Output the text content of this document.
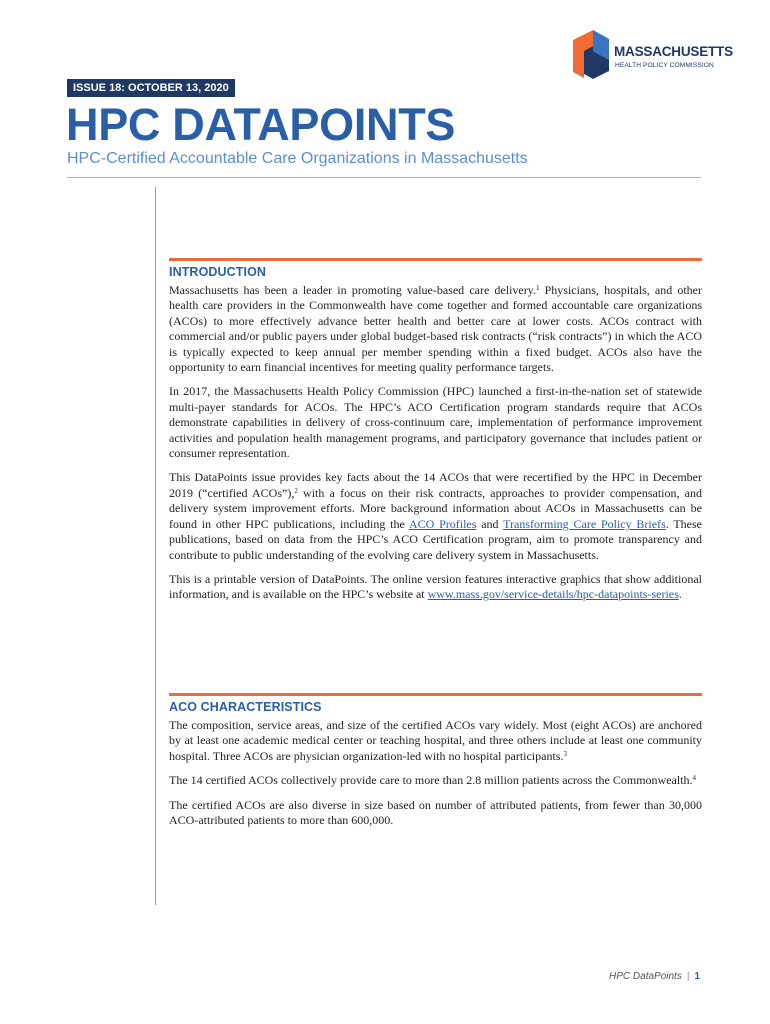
MASSACHUSETTS
HEALTH POLICY COMMISSION
ISSUE 18: OCTOBER 13, 2020
HPC DATAPOINTS
HPC-Certified Accountable Care Organizations in Massachusetts
INTRODUCTION

Massachusetts has been a leader in promoting value-based care delivery.$^1$ Physicians, hospitals, and other health care providers in the Commonwealth have come together and formed accountable care organizations (ACOs) to more effectively advance better health and better care at lower costs. ACOs contract with commercial and/or public payers under global budget-based risk contracts (“risk contracts”) in which the ACO is typically expected to keep annual per member spending within a fixed budget. ACOs also have the opportunity to earn financial incentives for meeting quality performance targets.

In 2017, the Massachusetts Health Policy Commission (HPC) launched a first-in-the-nation set of statewide multi-payer standards for ACOs. The HPC’s ACO Certification program standards require that ACOs demonstrate capabilities in delivery of cross-continuum care, implementation of performance improvement activities and population health management programs, and participatory governance that includes patient or consumer representation.

This DataPoints issue provides key facts about the 14 ACOs that were recertified by the HPC in December 2019 (“certified ACOs”),$^2$ with a focus on their risk contracts, approaches to provider compensation, and delivery system improvement efforts. More background information about ACOs in Massachusetts can be found in other HPC publications, including the ACO Profiles and Transforming Care Policy Briefs. These publications, based on data from the HPC’s ACO Certification program, aim to promote transparency and contribute to public understanding of the evolving care delivery system in Massachusetts.

This is a printable version of DataPoints. The online version features interactive graphics that show additional information, and is available on the HPC’s website at www.mass.gov/service-details/hpc-datapoints-series.

ACO CHARACTERISTICS

The composition, service areas, and size of the certified ACOs vary widely. Most (eight ACOs) are anchored by at least one academic medical center or teaching hospital, and three others include at least one community hospital. Three ACOs are physician organization-led with no hospital participants.$^3$

The 14 certified ACOs collectively provide care to more than 2.8 million patients across the Commonwealth.$^4$

The certified ACOs are also diverse in size based on number of attributed patients, from fewer than 30,000 ACO-attributed patients to more than 600,000.

HPC DataPoints | 1
